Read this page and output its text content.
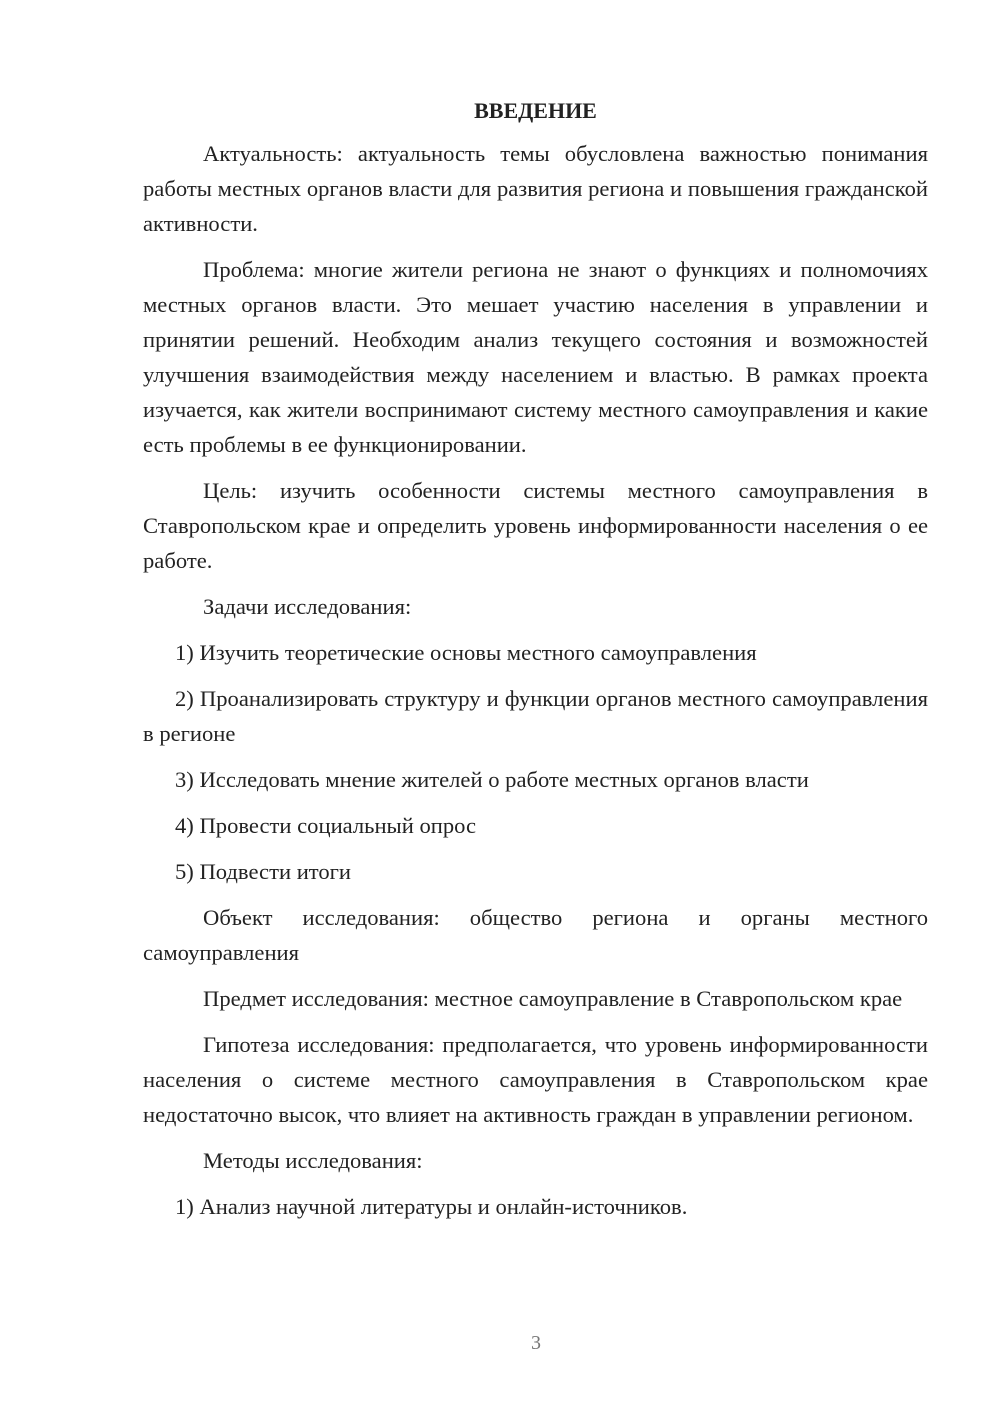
ВВЕДЕНИЕ

Актуальность: актуальность темы обусловлена важностью понимания работы местных органов власти для развития региона и повышения гражданской активности.

Проблема: многие жители региона не знают о функциях и полномочиях местных органов власти. Это мешает участию населения в управлении и принятии решений. Необходим анализ текущего состояния и возможностей улучшения взаимодействия между населением и властью. В рамках проекта изучается, как жители воспринимают систему местного самоуправления и какие есть проблемы в ее функционировании.

Цель: изучить особенности системы местного самоуправления в Ставропольском крае и определить уровень информированности населения о ее работе.

Задачи исследования:

1) Изучить теоретические основы местного самоуправления

2) Проанализировать структуру и функции органов местного самоуправления в регионе

3) Исследовать мнение жителей о работе местных органов власти

4) Провести социальный опрос

5) Подвести итоги

Объект исследования: общество региона и органы местного самоуправления

Предмет исследования: местное самоуправление в Ставропольском крае

Гипотеза исследования: предполагается, что уровень информированности населения о системе местного самоуправления в Ставропольском крае недостаточно высок, что влияет на активность граждан в управлении регионом.

Методы исследования:

1) Анализ научной литературы и онлайн-источников.

3
